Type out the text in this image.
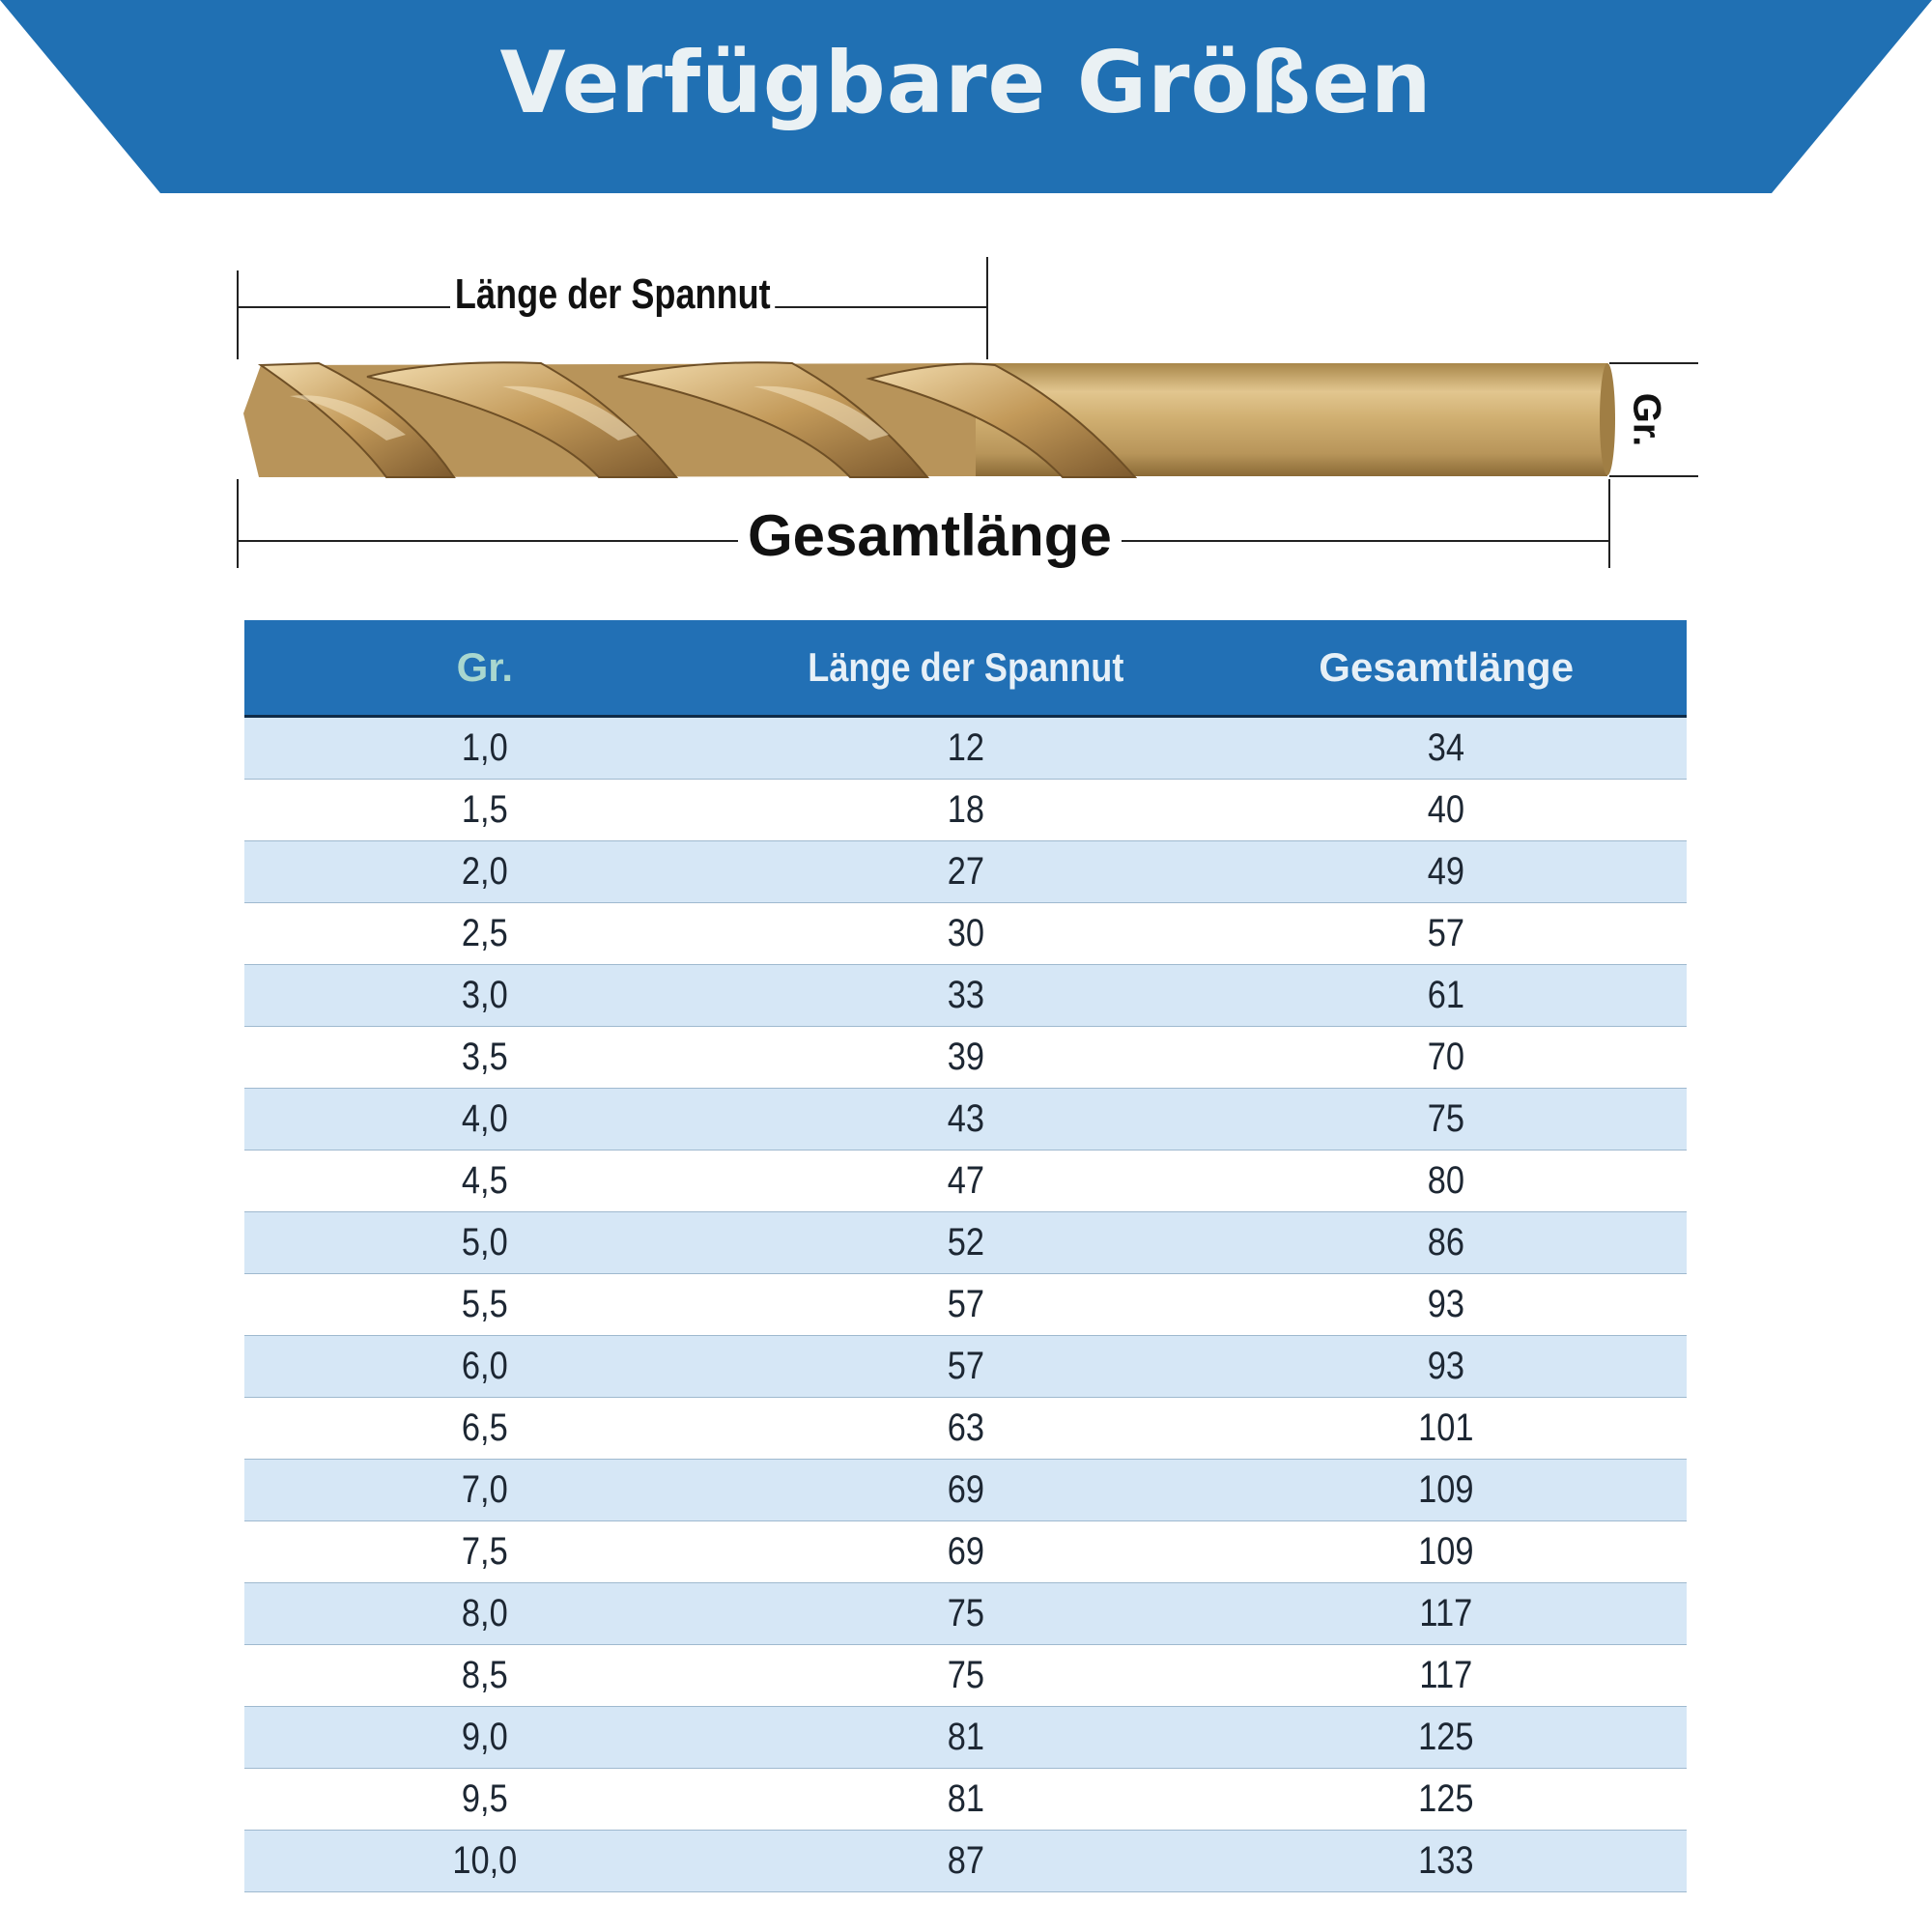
Verfügbare Größen
Länge der Spannut
Gesamtlänge
Gr.
Gr.	Länge der Spannut	Gesamtlänge
1,0	12	34
1,5	18	40
2,0	27	49
2,5	30	57
3,0	33	61
3,5	39	70
4,0	43	75
4,5	47	80
5,0	52	86
5,5	57	93
6,0	57	93
6,5	63	101
7,0	69	109
7,5	69	109
8,0	75	117
8,5	75	117
9,0	81	125
9,5	81	125
10,0	87	133
